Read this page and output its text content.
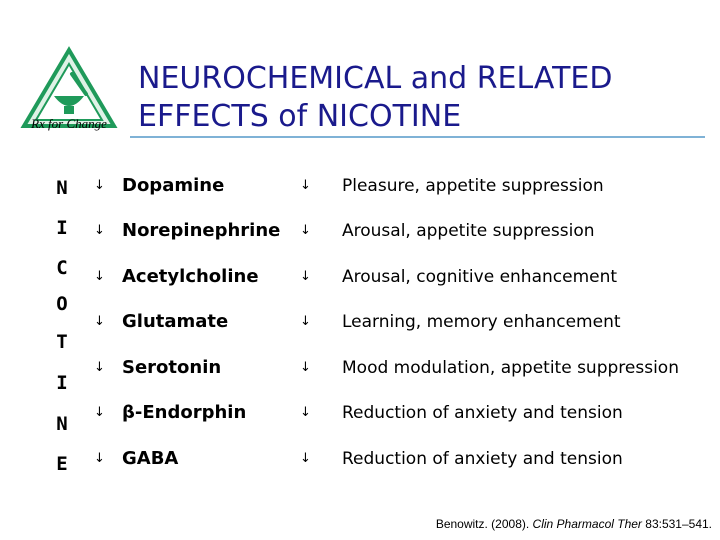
Rx for Change
NEUROCHEMICAL and RELATED
EFFECTS of NICOTINE
N
I
C
O
T
I
N
E
↓ Dopamine	↓ Pleasure, appetite suppression
↓ Norepinephrine ↓ Arousal, appetite suppression
↓ Acetylcholine	↓ Arousal, cognitive enhancement
↓ Glutamate	↓ Learning, memory enhancement
↓ Serotonin	↓ Mood modulation, appetite suppression
↓ β-Endorphin	↓ Reduction of anxiety and tension
↓ GABA	↓ Reduction of anxiety and tension
Benowitz. (2008). Clin Pharmacol Ther 83:531–541.
